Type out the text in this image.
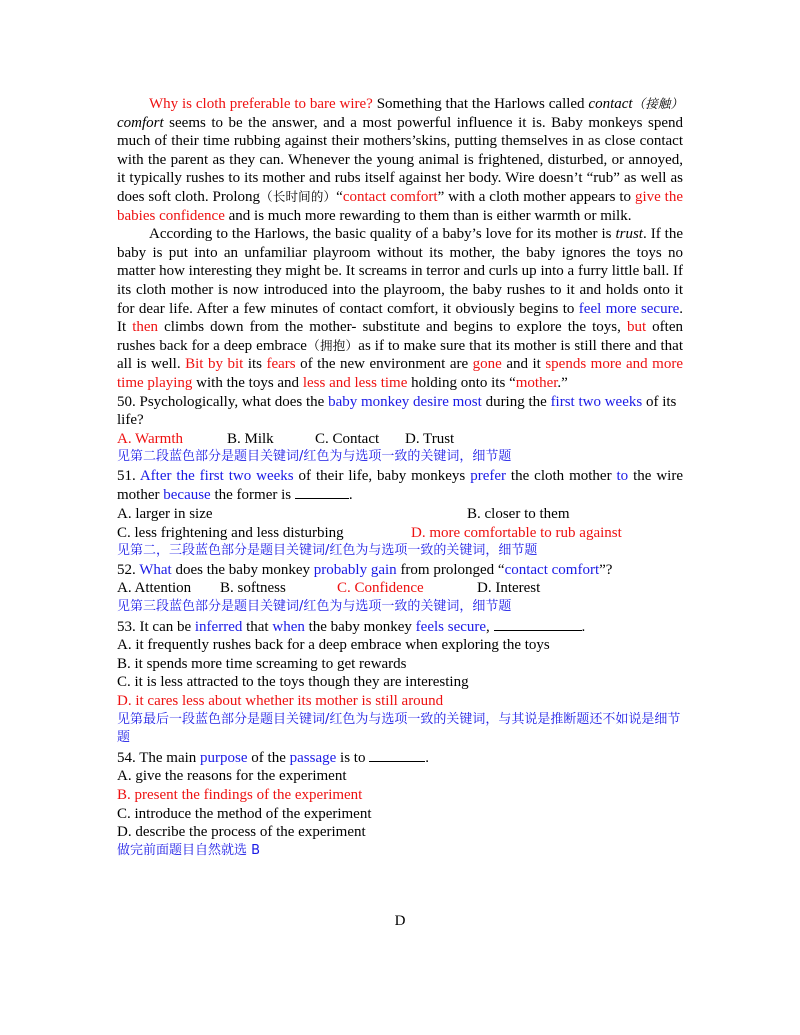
Why is cloth preferable to bare wire? Something that the Harlows called contact（接触）comfort seems to be the answer, and a most powerful influence it is. Baby monkeys spend much of their time rubbing against their mothers’skins, putting themselves in as close contact with the parent as they can. Whenever the young animal is frightened, disturbed, or annoyed, it typically rushes to its mother and rubs itself against her body. Wire doesn’t “rub” as well as does soft cloth. Prolong（长时间的）“contact comfort” with a cloth mother appears to give the babies confidence and is much more rewarding to them than is either warmth or milk.

According to the Harlows, the basic quality of a baby’s love for its mother is trust. If the baby is put into an unfamiliar playroom without its mother, the baby ignores the toys no matter how interesting they might be. It screams in terror and curls up into a furry little ball. If its cloth mother is now introduced into the playroom, the baby rushes to it and holds onto it for dear life. After a few minutes of contact comfort, it obviously begins to feel more secure. It then climbs down from the mother- substitute and begins to explore the toys, but often rushes back for a deep embrace（拥抱）as if to make sure that its mother is still there and that all is well. Bit by bit its fears of the new environment are gone and it spends more and more time playing with the toys and less and less time holding onto its “mother.”

50. Psychologically, what does the baby monkey desire most during the first two weeks of its life?

A. Warmth	B. Milk	C. Contact	D. Trust

见第二段蓝色部分是题目关键词/红色为与选项一致的关键词，细节题

51. After the first two weeks of their life, baby monkeys prefer the cloth mother to the wire mother because the former is	.

A. larger in size	B. closer to them
C. less frightening and less disturbing	D. more comfortable to rub against

见第二，三段蓝色部分是题目关键词/红色为与选项一致的关键词，细节题

52. What does the baby monkey probably gain from prolonged “contact comfort”?

A. Attention	B. softness	C. Confidence	D. Interest

见第三段蓝色部分是题目关键词/红色为与选项一致的关键词，细节题

53. It can be inferred that when the baby monkey feels secure,	.

A. it frequently rushes back for a deep embrace when exploring the toys

B. it spends more time screaming to get rewards

C. it is less attracted to the toys though they are interesting

D. it cares less about whether its mother is still around

见第最后一段蓝色部分是题目关键词/红色为与选项一致的关键词，与其说是推断题还不如说是细节题

54. The main purpose of the passage is to	.

A. give the reasons for the experiment

B. present the findings of the experiment

C. introduce the method of the experiment

D. describe the process of the experiment

做完前面题目自然就选 B

D
